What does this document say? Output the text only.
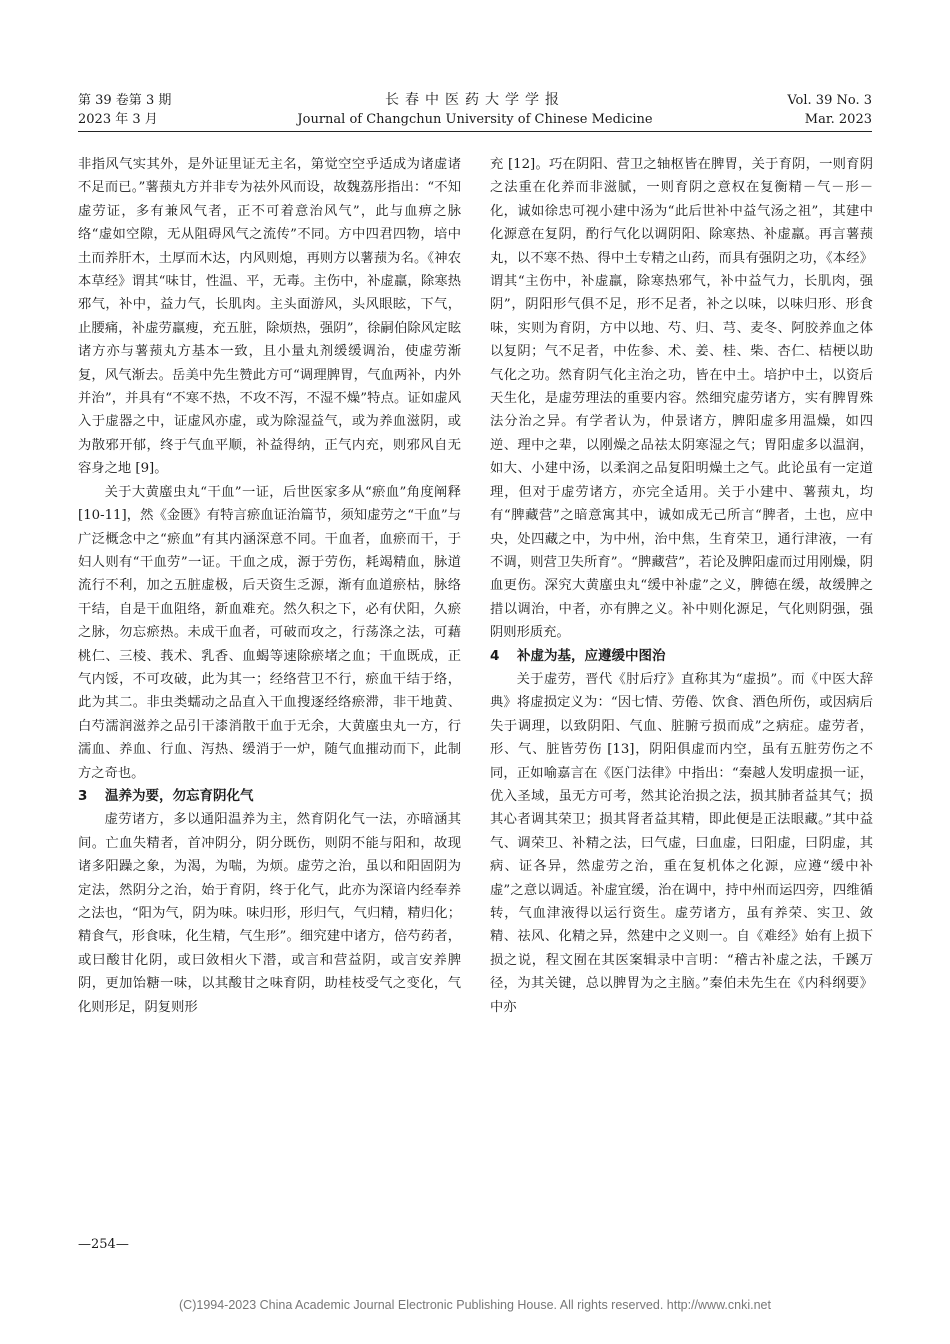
第 39 卷第 3 期
2023 年 3 月
长春中医药大学学报
Journal of Changchun University of Chinese Medicine
Vol. 39 No. 3
Mar. 2023

非指风气实其外，是外证里证无主名，第觉空空乎适成为诸虚诸不足而已。”薯蓣丸方并非专为祛外风而设，故魏荔彤指出：“不知虚劳证，多有兼风气者，正不可着意治风气”，此与血痹之脉络“虚如空隙，无从阻碍风气之流传”不同。方中四君四物，培中土而养肝木，土厚而木达，内风则熄，再则方以薯蓣为名。《神农本草经》谓其“味甘，性温、平，无毒。主伤中，补虚羸，除寒热邪气，补中，益力气，长肌肉。主头面游风，头风眼眩，下气，止腰痛，补虚劳羸瘦，充五脏，除烦热，强阴”，徐嗣伯除风定眩诸方亦与薯蓣丸方基本一致，且小量丸剂缓缓调治，使虚劳渐复，风气渐去。岳美中先生赞此方可“调理脾胃，气血两补，内外并治”，并具有“不寒不热，不攻不泻，不湿不燥”特点。证如虚风入于虚器之中，证虚风亦虚，或为除湿益气，或为养血滋阴，或为散邪开郁，终于气血平顺，补益得纳，正气内充，则邪风自无容身之地 [9]。

关于大黄䗪虫丸“干血”一证，后世医家多从“瘀血”角度阐释 [10-11]，然《金匮》有特言瘀血证治篇节，须知虚劳之“干血”与广泛概念中之“瘀血”有其内涵深意不同。干血者，血瘀而干，于妇人则有“干血劳”一证。干血之成，源于劳伤，耗竭精血，脉道流行不利，加之五脏虚极，后天资生乏源，渐有血道瘀枯，脉络干结，自是干血阻络，新血难充。然久积之下，必有伏阳，久瘀之脉，勿忘瘀热。未成干血者，可破而攻之，行荡涤之法，可藉桃仁、三棱、莪术、乳香、血蝎等速除瘀堵之血；干血既成，正气内馁，不可攻破，此为其一；经络营卫不行，瘀血干结于络，此为其二。非虫类蠕动之品直入干血搜逐经络瘀滞，非干地黄、白芍濡润滋养之品引干漆消散干血于无余，大黄䗪虫丸一方，行濡血、养血、行血、泻热、缓消于一炉，随气血摧动而下，此制方之奇也。

3 温养为要，勿忘育阴化气

虚劳诸方，多以通阳温养为主，然育阴化气一法，亦暗涵其间。亡血失精者，首冲阴分，阴分既伤，则阴不能与阳和，故现诸多阳躁之象，为渴，为喘，为烦。虚劳之治，虽以和阳固阴为定法，然阴分之治，始于育阴，终于化气，此亦为深谙内经奉养之法也，“阳为气，阴为味。味归形，形归气，气归精，精归化；精食气，形食味，化生精，气生形”。细究建中诸方，倍芍药者，或曰酸甘化阴，或曰敛相火下潜，或言和营益阴，或言安养脾阴，更加饴糖一味，以其酸甘之味育阴，助桂枝受气之变化，气化则形足，阴复则形

充 [12]。巧在阴阳、营卫之轴枢皆在脾胃，关于育阴，一则育阴之法重在化养而非滋腻，一则育阴之意权在复衡精－气－形－化，诚如徐忠可视小建中汤为“此后世补中益气汤之祖”，其建中化源意在复阴，酌行气化以调阴阳、除寒热、补虚羸。再言薯蓣丸，以不寒不热、得中土专精之山药，而具有强阴之功，《本经》谓其“主伤中，补虚羸，除寒热邪气，补中益气力，长肌肉，强阴”，阴阳形气俱不足，形不足者，补之以味，以味归形、形食味，实则为育阴，方中以地、芍、归、芎、麦冬、阿胶养血之体以复阴；气不足者，中佐参、术、姜、桂、柴、杏仁、桔梗以助气化之功。然育阴气化主治之功，皆在中土。培护中土，以资后天生化，是虚劳理法的重要内容。然细究虚劳诸方，实有脾胃殊法分治之异。有学者认为，仲景诸方，脾阳虚多用温燥，如四逆、理中之辈，以刚燥之品祛太阴寒湿之气；胃阳虚多以温润，如大、小建中汤，以柔润之品复阳明燥土之气。此论虽有一定道理，但对于虚劳诸方，亦完全适用。关于小建中、薯蓣丸，均有“脾藏营”之暗意寓其中，诚如成无己所言“脾者，土也，应中央，处四藏之中，为中州，治中焦，生育荣卫，通行津液，一有不调，则营卫失所育”。“脾藏营”，若论及脾阳虚而过用刚燥，阴血更伤。深究大黄䗪虫丸“缓中补虚”之义，脾德在缓，故缓脾之措以调治，中者，亦有脾之义。补中则化源足，气化则阴强，强阴则形质充。

4 补虚为基，应遵缓中图治

关于虚劳，晋代《肘后疗》直称其为“虚损”。而《中医大辞典》将虚损定义为：“因七情、劳倦、饮食、酒色所伤，或因病后失于调理，以致阴阳、气血、脏腑亏损而成”之病症。虚劳者，形、气、脏皆劳伤 [13]，阴阳俱虚而内空，虽有五脏劳伤之不同，正如喻嘉言在《医门法律》中指出：“秦越人发明虚损一证，优入圣域，虽无方可考，然其论治损之法，损其肺者益其气；损其心者调其荣卫；损其肾者益其精，即此便是正法眼藏。”其中益气、调荣卫、补精之法，曰气虚，曰血虚，曰阳虚，曰阴虚，其病、证各异，然虚劳之治，重在复机体之化源，应遵“缓中补虚”之意以调适。补虚宜缓，治在调中，持中州而运四旁，四维循转，气血津液得以运行资生。虚劳诸方，虽有养荣、实卫、敛精、祛风、化精之异，然建中之义则一。自《难经》始有上损下损之说，程文囿在其医案辑录中言明：“稽古补虚之法，千蹊万径，为其关键，总以脾胃为之主脑。”秦伯未先生在《内科纲要》中亦

—254—
(C)1994-2023 China Academic Journal Electronic Publishing House. All rights reserved. http://www.cnki.net
